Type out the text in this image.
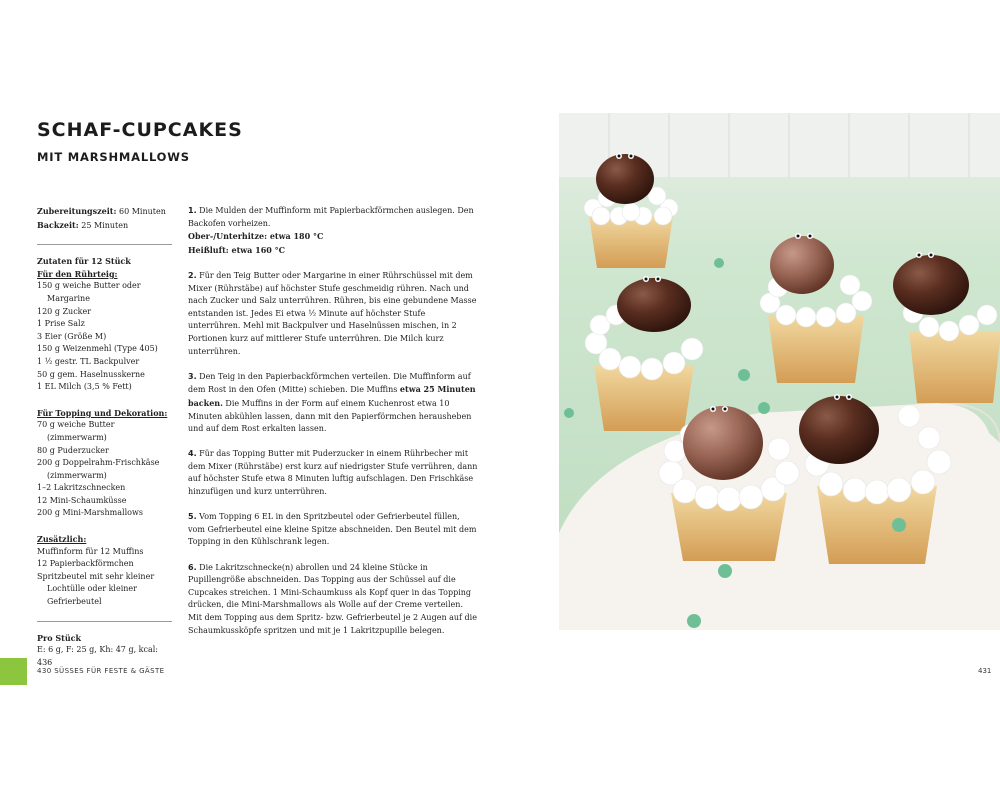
SCHAF-CUPCAKES
MIT MARSHMALLOWS

Zubereitungszeit: 60 Minuten

Backzeit: 25 Minuten

Zutaten für 12 Stück

Für den Rührteig:

150 g weiche Butter oder Margarine

120 g Zucker

1 Prise Salz

3 Eier (Größe M)

150 g Weizenmehl (Type 405)

1 ½ gestr. TL Backpulver

50 g gem. Haselnusskerne

1 EL Milch (3,5 % Fett)

Für Topping und Dekoration:

70 g weiche Butter (zimmerwarm)

80 g Puderzucker

200 g Doppelrahm-Frischkäse (zimmerwarm)

1–2 Lakritzschnecken

12 Mini-Schaumküsse

200 g Mini-Marshmallows

Zusätzlich:

Muffinform für 12 Muffins

12 Papierbackförmchen

Spritzbeutel mit sehr kleiner Lochtülle oder kleiner Gefrierbeutel

Pro Stück

E: 6 g, F: 25 g, Kh: 47 g, kcal: 436

1. Die Mulden der Muffinform mit Papierbackförmchen auslegen. Den Backofen vorheizen.
Ober-/Unterhitze: etwa 180 °C
Heißluft: etwa 160 °C
2. Für den Teig Butter oder Margarine in einer Rührschüssel mit dem Mixer (Rührstäbe) auf höchster Stufe geschmeidig rühren. Nach und nach Zucker und Salz unterrühren. Rühren, bis eine gebundene Masse entstanden ist. Jedes Ei etwa ½ Minute auf höchster Stufe unterrühren. Mehl mit Backpulver und Haselnüssen mischen, in 2 Portionen kurz auf mittlerer Stufe unterrühren. Die Milch kurz unterrühren.
3. Den Teig in den Papierbackförmchen verteilen. Die Muffinform auf dem Rost in den Ofen (Mitte) schieben. Die Muffins etwa 25 Minuten backen. Die Muffins in der Form auf einem Kuchenrost etwa 10 Minuten abkühlen lassen, dann mit den Papierförmchen herausheben und auf dem Rost erkalten lassen.
4. Für das Topping Butter mit Puderzucker in einem Rührbecher mit dem Mixer (Rührstäbe) erst kurz auf niedrigster Stufe verrühren, dann auf höchster Stufe etwa 8 Minuten luftig aufschlagen. Den Frischkäse hinzufügen und kurz unterrühren.
5. Vom Topping 6 EL in den Spritzbeutel oder Gefrierbeutel füllen, vom Gefrierbeutel eine kleine Spitze abschneiden. Den Beutel mit dem Topping in den Kühlschrank legen.
6. Die Lakritzschnecke(n) abrollen und 24 kleine Stücke in Pupillengröße abschneiden. Das Topping aus der Schüssel auf die Cupcakes streichen. 1 Mini-Schaumkuss als Kopf quer in das Topping drücken, die Mini-Marshmallows als Wolle auf der Creme verteilen. Mit dem Topping aus dem Spritz- bzw. Gefrierbeutel je 2 Augen auf die Schaumkussköpfe spritzen und mit je 1 Lakritzpupille belegen.
430 SÜSSES FÜR FESTE & GÄSTE	431
